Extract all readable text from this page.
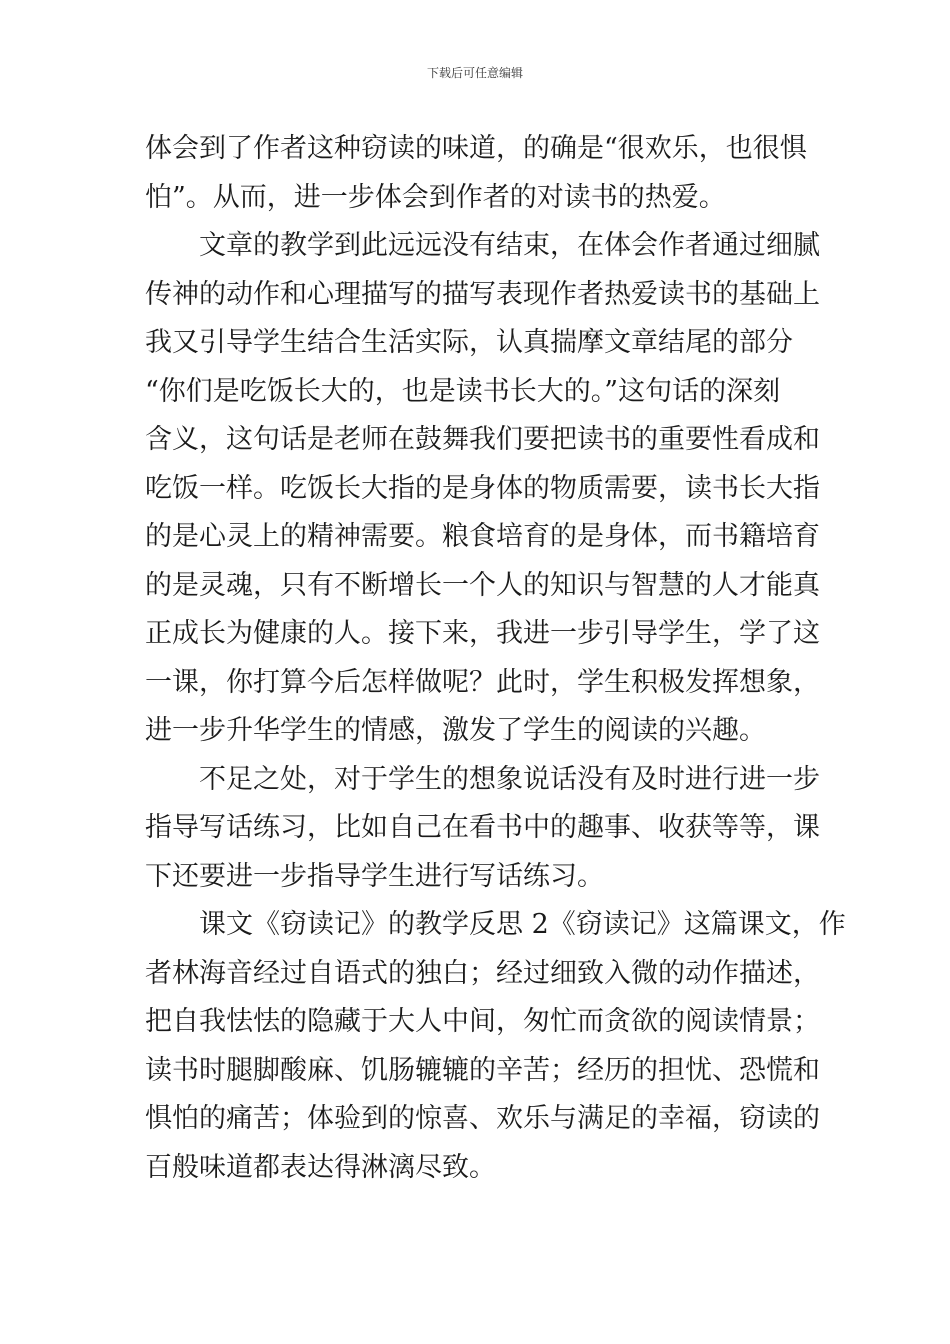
下载后可任意编辑
体会到了作者这种窃读的味道，的确是“很欢乐，也很惧
怕”。从而，进一步体会到作者的对读书的热爱。
文章的教学到此远远没有结束，在体会作者通过细腻
传神的动作和心理描写的描写表现作者热爱读书的基础上
我又引导学生结合生活实际，认真揣摩文章结尾的部分
“你们是吃饭长大的，也是读书长大的。”这句话的深刻
含义，这句话是老师在鼓舞我们要把读书的重要性看成和
吃饭一样。吃饭长大指的是身体的物质需要，读书长大指
的是心灵上的精神需要。粮食培育的是身体，而书籍培育
的是灵魂，只有不断增长一个人的知识与智慧的人才能真
正成长为健康的人。接下来，我进一步引导学生，学了这
一课，你打算今后怎样做呢？此时，学生积极发挥想象，
进一步升华学生的情感，激发了学生的阅读的兴趣。
不足之处，对于学生的想象说话没有及时进行进一步
指导写话练习，比如自己在看书中的趣事、收获等等，课
下还要进一步指导学生进行写话练习。
课文《窃读记》的教学反思 2《窃读记》这篇课文，作
者林海音经过自语式的独白；经过细致入微的动作描述，
把自我怯怯的隐藏于大人中间，匆忙而贪欲的阅读情景；
读书时腿脚酸麻、饥肠辘辘的辛苦；经历的担忧、恐慌和
惧怕的痛苦；体验到的惊喜、欢乐与满足的幸福，窃读的
百般味道都表达得淋漓尽致。
